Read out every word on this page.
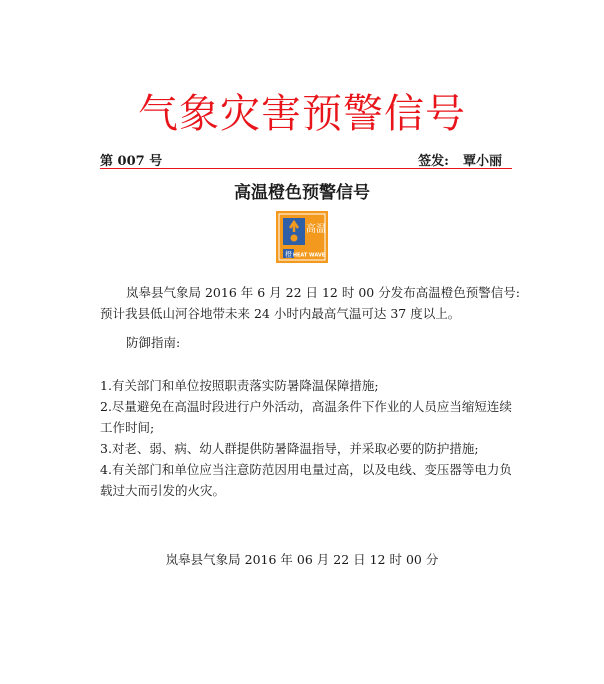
气象灾害预警信号
第 007 号	签发: 覃小丽
高温橙色预警信号
高温
橙 HEAT WAVE
岚皋县气象局 2016 年 6 月 22 日 12 时 00 分发布高温橙色预警信号:预计我县低山河谷地带未来 24 小时内最高气温可达 37 度以上。
防御指南:

1.有关部门和单位按照职责落实防暑降温保障措施;

2.尽量避免在高温时段进行户外活动，高温条件下作业的人员应当缩短连续工作时间;

3.对老、弱、病、幼人群提供防暑降温指导，并采取必要的防护措施;

4.有关部门和单位应当注意防范因用电量过高，以及电线、变压器等电力负载过大而引发的火灾。

岚皋县气象局 2016 年 06 月 22 日 12 时 00 分
